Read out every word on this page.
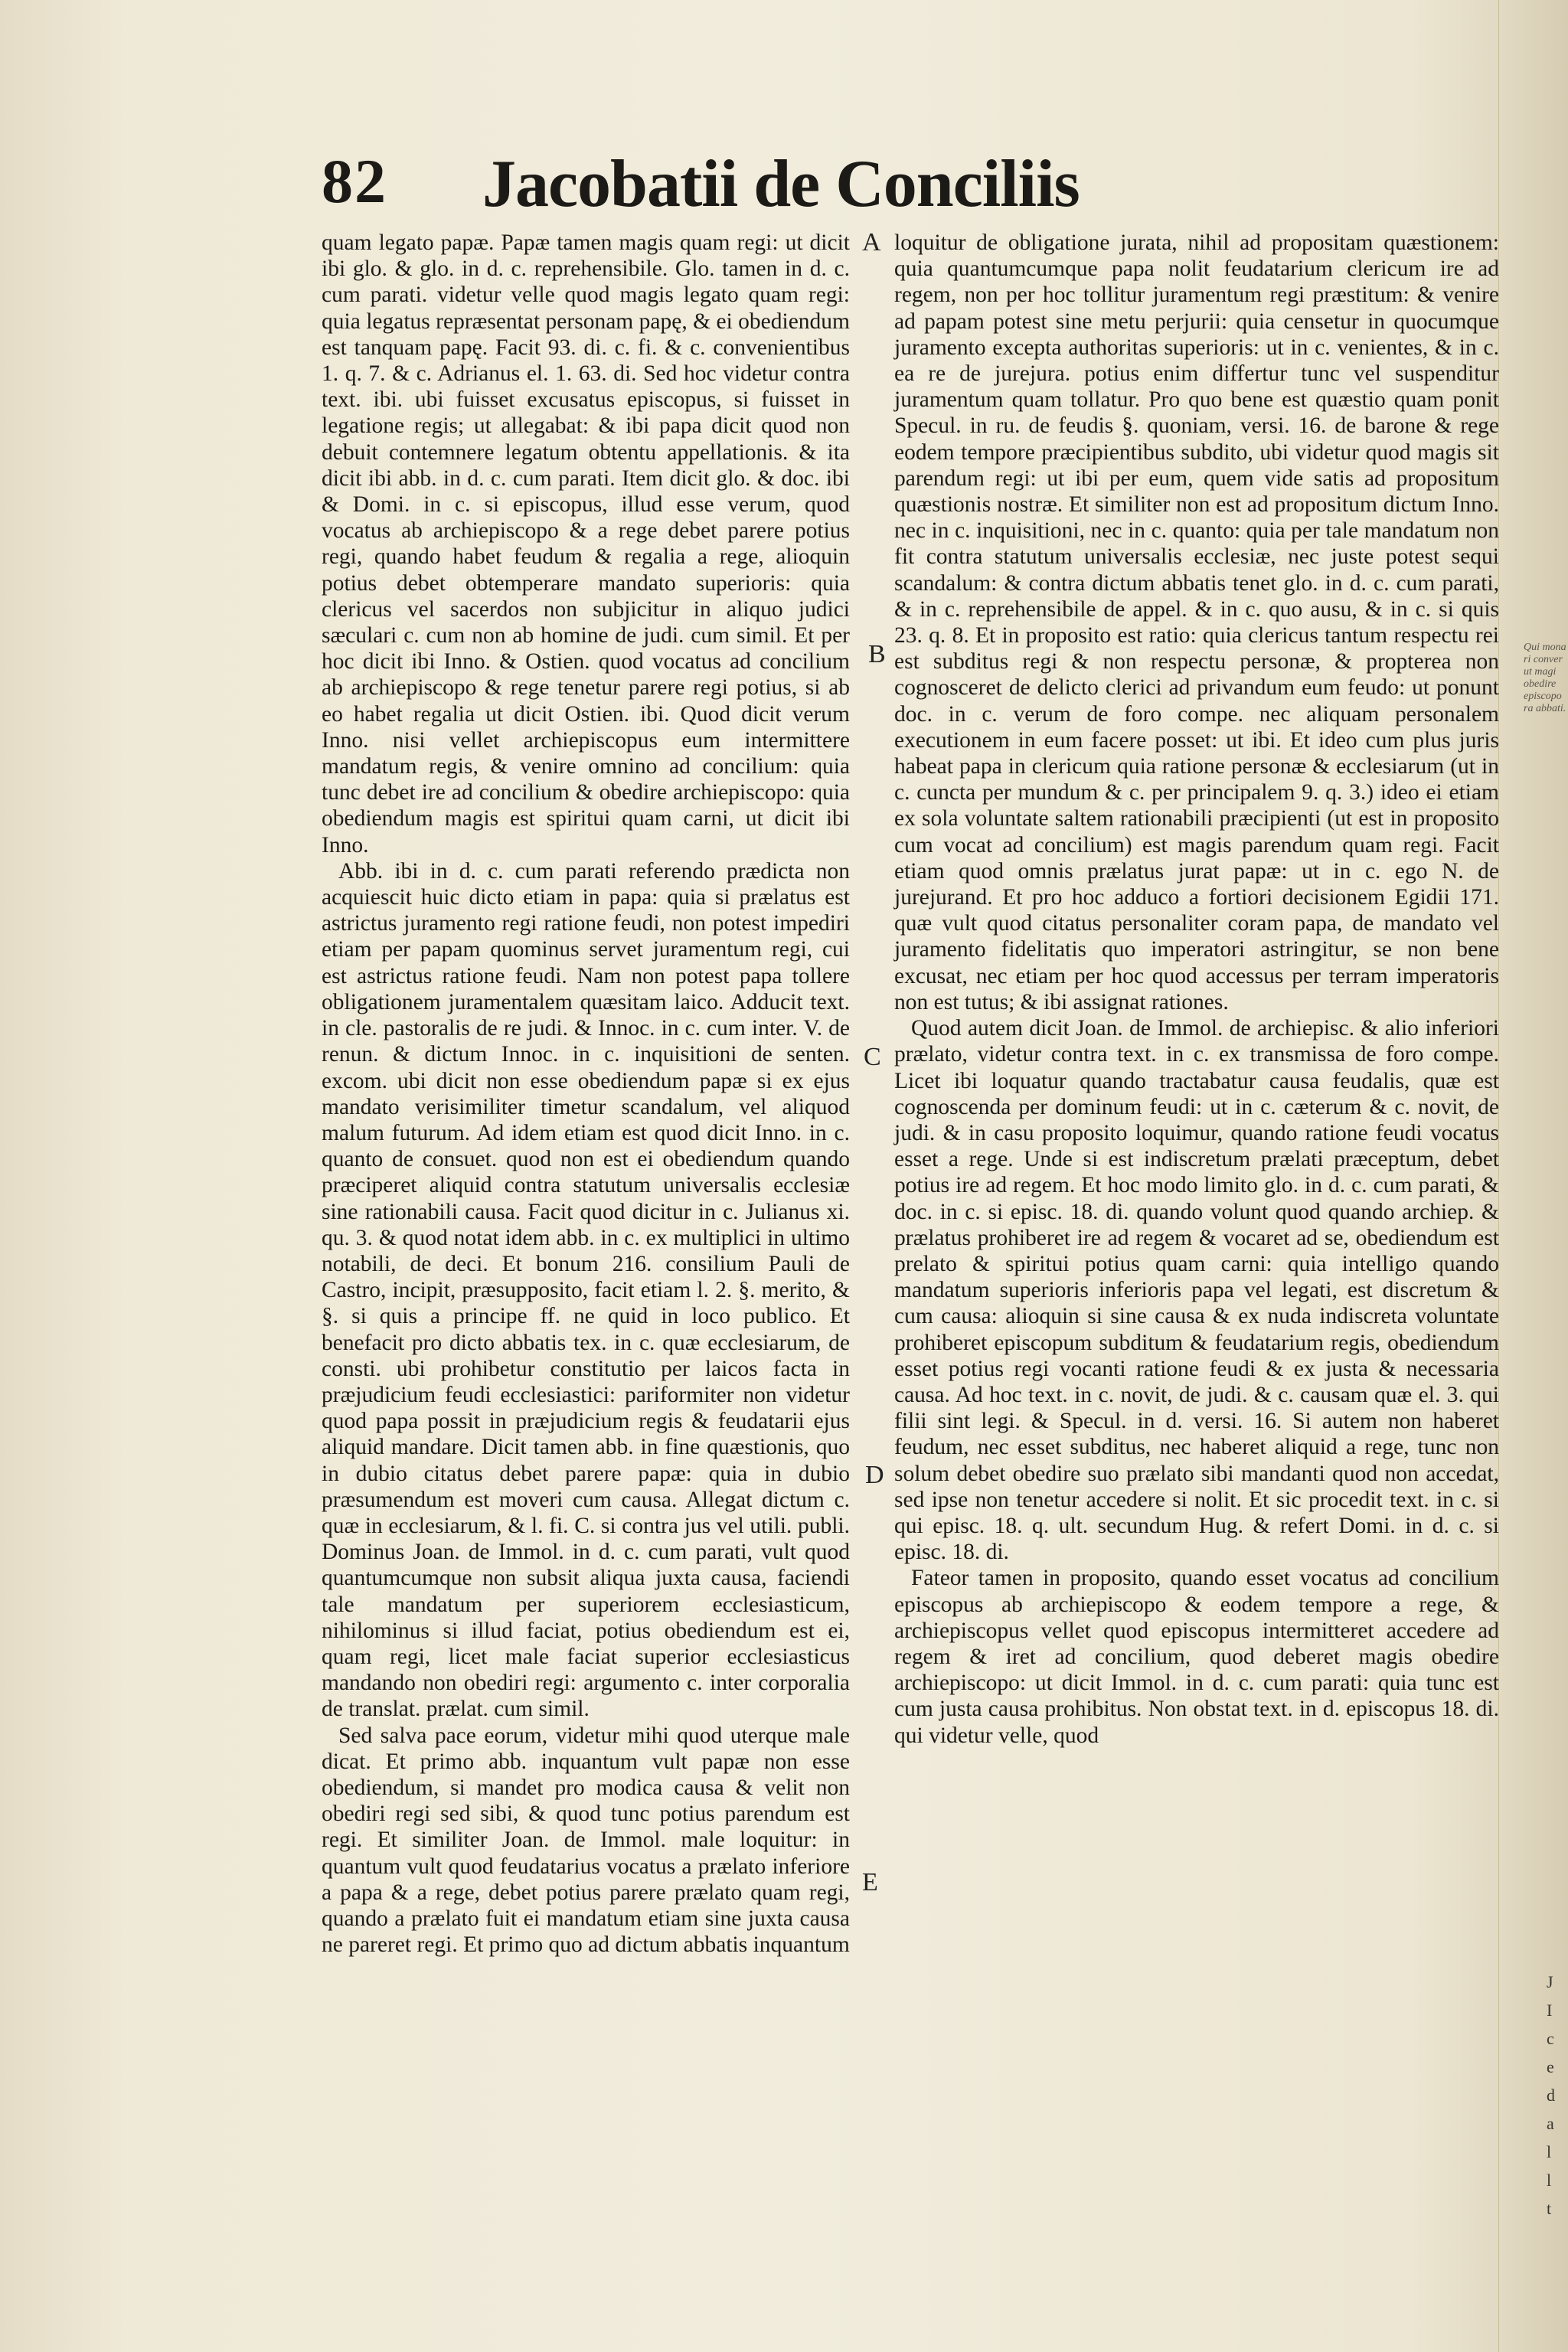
82 Jacobatii de Conciliis

quam legato papæ. Papæ tamen magis quam regi: ut dicit ibi glo. & glo. in d. c. reprehensibile. Glo. tamen in d. c. cum parati. videtur velle quod magis legato quam regi: quia legatus repræsentat personam papę, & ei obediendum est tanquam papę. Facit 93. di. c. fi. & c. convenientibus 1. q. 7. & c. Adrianus el. 1. 63. di. Sed hoc videtur contra text. ibi. ubi fuisset excusatus episcopus, si fuisset in legatione regis; ut allegabat: & ibi papa dicit quod non debuit contemnere legatum obtentu appellationis. & ita dicit ibi abb. in d. c. cum parati. Item dicit glo. & doc. ibi & Domi. in c. si episcopus, illud esse verum, quod vocatus ab archiepiscopo & a rege debet parere potius regi, quando habet feudum & regalia a rege, alioquin potius debet obtemperare mandato superioris: quia clericus vel sacerdos non subjicitur in aliquo judici sæculari c. cum non ab homine de judi. cum simil. Et per hoc dicit ibi Inno. & Ostien. quod vocatus ad concilium ab archiepiscopo & rege tenetur parere regi potius, si ab eo habet regalia ut dicit Ostien. ibi. Quod dicit verum Inno. nisi vellet archiepiscopus eum intermittere mandatum regis, & venire omnino ad concilium: quia tunc debet ire ad concilium & obedire archiepiscopo: quia obediendum magis est spiritui quam carni, ut dicit ibi Inno.

Abb. ibi in d. c. cum parati referendo prædicta non acquiescit huic dicto etiam in papa: quia si prælatus est astrictus juramento regi ratione feudi, non potest impediri etiam per papam quominus servet juramentum regi, cui est astrictus ratione feudi. Nam non potest papa tollere obligationem juramentalem quæsitam laico. Adducit text. in cle. pastoralis de re judi. & Innoc. in c. cum inter. V. de renun. & dictum Innoc. in c. inquisitioni de senten. excom. ubi dicit non esse obediendum papæ si ex ejus mandato verisimiliter timetur scandalum, vel aliquod malum futurum. Ad idem etiam est quod dicit Inno. in c. quanto de consuet. quod non est ei obediendum quando præciperet aliquid contra statutum universalis ecclesiæ sine rationabili causa. Facit quod dicitur in c. Julianus xi. qu. 3. & quod notat idem abb. in c. ex multiplici in ultimo notabili, de deci. Et bonum 216. consilium Pauli de Castro, incipit, præsupposito, facit etiam l. 2. §. merito, & §. si quis a principe ff. ne quid in loco publico. Et benefacit pro dicto abbatis tex. in c. quæ ecclesiarum, de consti. ubi prohibetur constitutio per laicos facta in præjudicium feudi ecclesiastici: pariformiter non videtur quod papa possit in præjudicium regis & feudatarii ejus aliquid mandare. Dicit tamen abb. in fine quæstionis, quo in dubio citatus debet parere papæ: quia in dubio præsumendum est moveri cum causa. Allegat dictum c. quæ in ecclesiarum, & l. fi. C. si contra jus vel utili. publi. Dominus Joan. de Immol. in d. c. cum parati, vult quod quantumcumque non subsit aliqua juxta causa, faciendi tale mandatum per superiorem ecclesiasticum, nihilominus si illud faciat, potius obediendum est ei, quam regi, licet male faciat superior ecclesiasticus mandando non obediri regi: argumento c. inter corporalia de translat. prælat. cum simil.

Sed salva pace eorum, videtur mihi quod uterque male dicat. Et primo abb. inquantum vult papæ non esse obediendum, si mandet pro modica causa & velit non obediri regi sed sibi, & quod tunc potius parendum est regi. Et similiter Joan. de Immol. male loquitur: in quantum vult quod feudatarius vocatus a prælato inferiore a papa & a rege, debet potius parere prælato quam regi, quando a prælato fuit ei mandatum etiam sine juxta causa ne pareret regi. Et primo quo ad dictum abbatis inquantum

A
B
C
D
E

loquitur de obligatione jurata, nihil ad propositam quæstionem: quia quantumcumque papa nolit feudatarium clericum ire ad regem, non per hoc tollitur juramentum regi præstitum: & venire ad papam potest sine metu perjurii: quia censetur in quocumque juramento excepta authoritas superioris: ut in c. venientes, & in c. ea re de jurejura. potius enim differtur tunc vel suspenditur juramentum quam tollatur. Pro quo bene est quæstio quam ponit Specul. in ru. de feudis §. quoniam, versi. 16. de barone & rege eodem tempore præcipientibus subdito, ubi videtur quod magis sit parendum regi: ut ibi per eum, quem vide satis ad propositum quæstionis nostræ. Et similiter non est ad propositum dictum Inno. nec in c. inquisitioni, nec in c. quanto: quia per tale mandatum non fit contra statutum universalis ecclesiæ, nec juste potest sequi scandalum: & contra dictum abbatis tenet glo. in d. c. cum parati, & in c. reprehensibile de appel. & in c. quo ausu, & in c. si quis 23. q. 8. Et in proposito est ratio: quia clericus tantum respectu rei est subditus regi & non respectu personæ, & propterea non cognosceret de delicto clerici ad privandum eum feudo: ut ponunt doc. in c. verum de foro compe. nec aliquam personalem executionem in eum facere posset: ut ibi. Et ideo cum plus juris habeat papa in clericum quia ratione personæ & ecclesiarum (ut in c. cuncta per mundum & c. per principalem 9. q. 3.) ideo ei etiam ex sola voluntate saltem rationabili præcipienti (ut est in proposito cum vocat ad concilium) est magis parendum quam regi. Facit etiam quod omnis prælatus jurat papæ: ut in c. ego N. de jurejurand. Et pro hoc adduco a fortiori decisionem Egidii 171. quæ vult quod citatus personaliter coram papa, de mandato vel juramento fidelitatis quo imperatori astringitur, se non bene excusat, nec etiam per hoc quod accessus per terram imperatoris non est tutus; & ibi assignat rationes.

Quod autem dicit Joan. de Immol. de archiepisc. & alio inferiori prælato, videtur contra text. in c. ex transmissa de foro compe. Licet ibi loquatur quando tractabatur causa feudalis, quæ est cognoscenda per dominum feudi: ut in c. cæterum & c. novit, de judi. & in casu proposito loquimur, quando ratione feudi vocatus esset a rege. Unde si est indiscretum prælati præceptum, debet potius ire ad regem. Et hoc modo limito glo. in d. c. cum parati, & doc. in c. si episc. 18. di. quando volunt quod quando archiep. & prælatus prohiberet ire ad regem & vocaret ad se, obediendum est prelato & spiritui potius quam carni: quia intelligo quando mandatum superioris inferioris papa vel legati, est discretum & cum causa: alioquin si sine causa & ex nuda indiscreta voluntate prohiberet episcopum subditum & feudatarium regis, obediendum esset potius regi vocanti ratione feudi & ex justa & necessaria causa. Ad hoc text. in c. novit, de judi. & c. causam quæ el. 3. qui filii sint legi. & Specul. in d. versi. 16. Si autem non haberet feudum, nec esset subditus, nec haberet aliquid a rege, tunc non solum debet obedire suo prælato sibi mandanti quod non accedat, sed ipse non tenetur accedere si nolit. Et sic procedit text. in c. si qui episc. 18. q. ult. secundum Hug. & refert Domi. in d. c. si episc. 18. di.

Fateor tamen in proposito, quando esset vocatus ad concilium episcopus ab archiepiscopo & eodem tempore a rege, & archiepiscopus vellet quod episcopus intermitteret accedere ad regem & iret ad concilium, quod deberet magis obedire archiepiscopo: ut dicit Immol. in d. c. cum parati: quia tunc est cum justa causa prohibitus. Non obstat text. in d. episcopus 18. di. qui videtur velle, quod

Qui mona ri conver ut magi obedire episcopo ra abbati.
J
I
c
e
d
a
l
l
t
